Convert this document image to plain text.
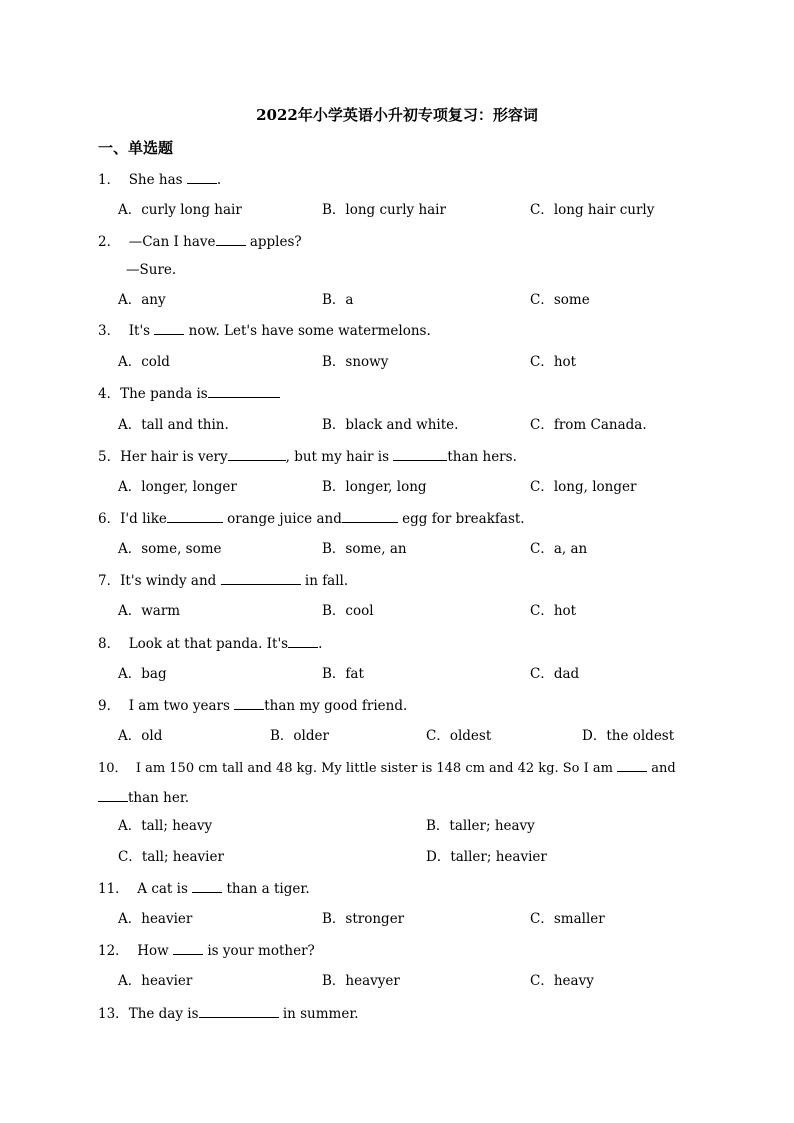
2022年小学英语小升初专项复习：形容词
一、单选题
1． She has .
A．curly long hair	B．long curly hair	C．long hair curly
2． —Can I have apples?
—Sure.
A．any	B．a	C．some
3． It's  now. Let's have some watermelons.
A．cold	B．snowy	C．hot
4．The panda is
A．tall and thin.	B．black and white.	C．from Canada.
5．Her hair is very	, but my hair is	than hers.
A．longer, longer	B．longer, long	C．long, longer
6．I'd like	orange juice and	egg for breakfast.
A．some, some	B．some, an	C．a, an
7．It's windy and	in fall.
A．warm	B．cool	C．hot
8． Look at that panda. It's .
A．bag	B．fat	C．dad
9． I am two years than my good friend.
A．old	B．older	C．oldest	D．the oldest
10． I am 150 cm tall and 48 kg. My little sister is 148 cm and 42 kg. So I am  and
than her.
A．tall; heavy	B．taller; heavy
C．tall; heavier	D．taller; heavier
11． A cat is  than a tiger.
A．heavier	B．stronger	C．smaller
12． How  is your mother?
A．heavier	B．heavyer	C．heavy
13．The day is	in summer.
